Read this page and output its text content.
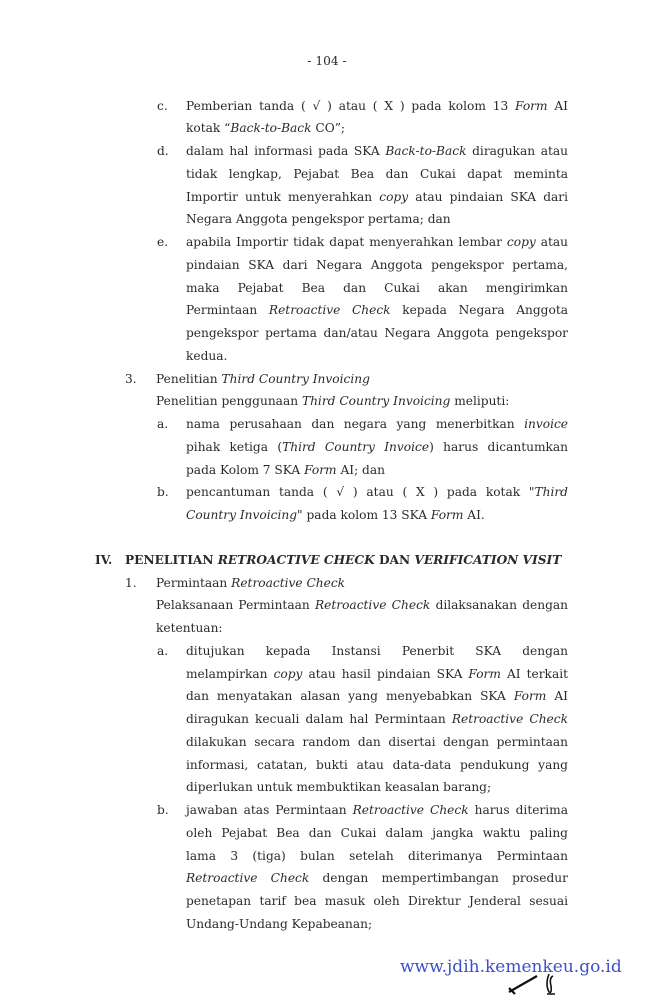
- 104 -
c. Pemberian tanda ( √ ) atau ( X ) pada kolom 13 Form AI
kotak “Back-to-Back CO”;
d. dalam hal informasi pada SKA Back-to-Back diragukan atau
tidak lengkap, Pejabat Bea dan Cukai dapat meminta
Importir untuk menyerahkan copy atau pindaian SKA dari
Negara Anggota pengekspor pertama; dan
e. apabila Importir tidak dapat menyerahkan lembar copy atau
pindaian SKA dari Negara Anggota pengekspor pertama,
maka Pejabat Bea dan Cukai akan mengirimkan
Permintaan Retroactive Check kepada Negara Anggota
pengekspor pertama dan/atau Negara Anggota pengekspor
kedua.
3. Penelitian Third Country Invoicing
Penelitian penggunaan Third Country Invoicing meliputi:
a. nama perusahaan dan negara yang menerbitkan invoice
pihak ketiga (Third Country Invoice) harus dicantumkan
pada Kolom 7 SKA Form AI; dan
b. pencantuman tanda ( √ ) atau ( X ) pada kotak "Third
Country Invoicing" pada kolom 13 SKA Form AI.
IV. PENELITIAN RETROACTIVE CHECK DAN VERIFICATION VISIT
1. Permintaan Retroactive Check
Pelaksanaan Permintaan Retroactive Check dilaksanakan dengan
ketentuan:
a. ditujukan kepada Instansi Penerbit SKA dengan
melampirkan copy atau hasil pindaian SKA Form AI terkait
dan menyatakan alasan yang menyebabkan SKA Form AI
diragukan kecuali dalam hal Permintaan Retroactive Check
dilakukan secara random dan disertai dengan permintaan
informasi, catatan, bukti atau data-data pendukung yang
diperlukan untuk membuktikan keasalan barang;
b. jawaban atas Permintaan Retroactive Check harus diterima
oleh Pejabat Bea dan Cukai dalam jangka waktu paling
lama 3 (tiga) bulan setelah diterimanya Permintaan
Retroactive Check dengan mempertimbangan prosedur
penetapan tarif bea masuk oleh Direktur Jenderal sesuai
Undang-Undang Kepabeanan;
www.jdih.kemenkeu.go.id
